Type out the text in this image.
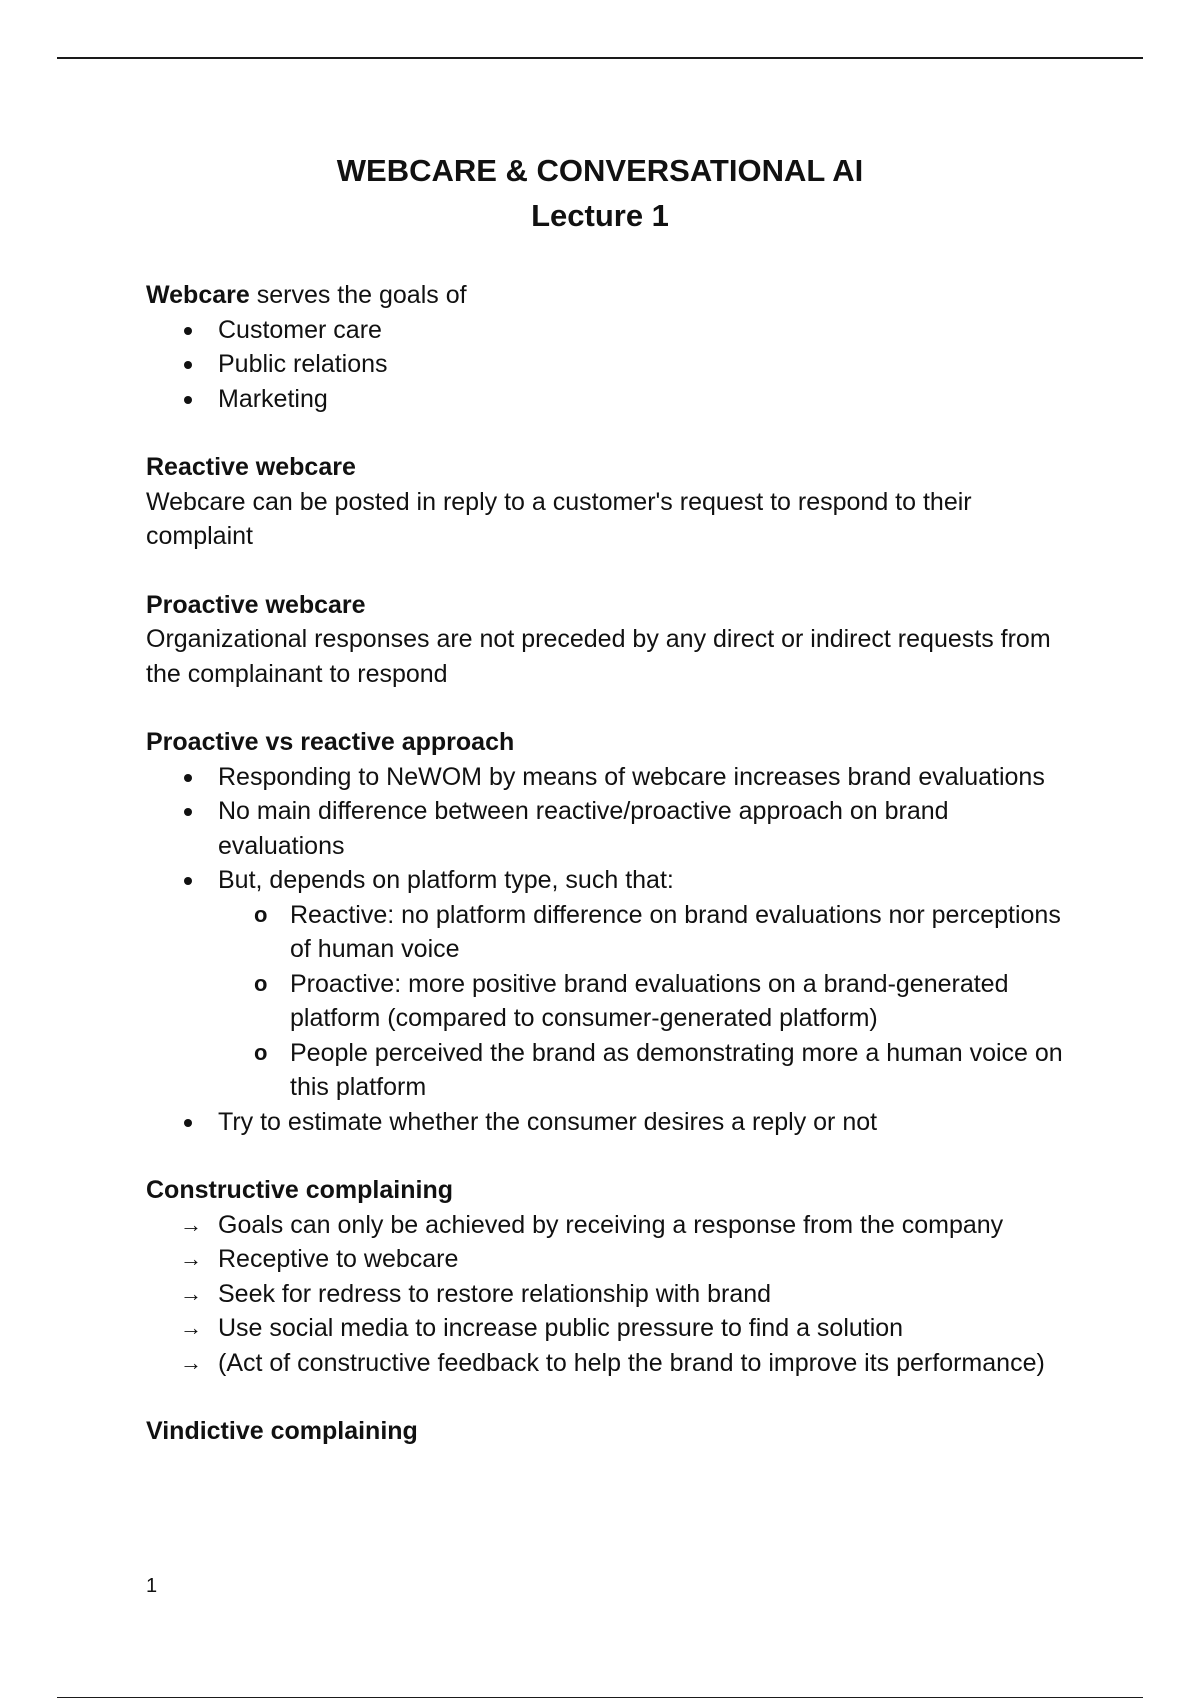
WEBCARE & CONVERSATIONAL AI
Lecture 1

Webcare serves the goals of

Customer care
Public relations
Marketing

Reactive webcare

Webcare can be posted in reply to a customer's request to respond to their complaint

Proactive webcare

Organizational responses are not preceded by any direct or indirect requests from the complainant to respond

Proactive vs reactive approach

Responding to NeWOM by means of webcare increases brand evaluations
No main difference between reactive/proactive approach on brand evaluations
But, depends on platform type, such that:
o Reactive: no platform difference on brand evaluations nor perceptions of human voice
o Proactive: more positive brand evaluations on a brand-generated platform (compared to consumer-generated platform)
o People perceived the brand as demonstrating more a human voice on this platform
Try to estimate whether the consumer desires a reply or not

Constructive complaining

→ Goals can only be achieved by receiving a response from the company
→ Receptive to webcare
→ Seek for redress to restore relationship with brand
→ Use social media to increase public pressure to find a solution
→ (Act of constructive feedback to help the brand to improve its performance)

Vindictive complaining

1
